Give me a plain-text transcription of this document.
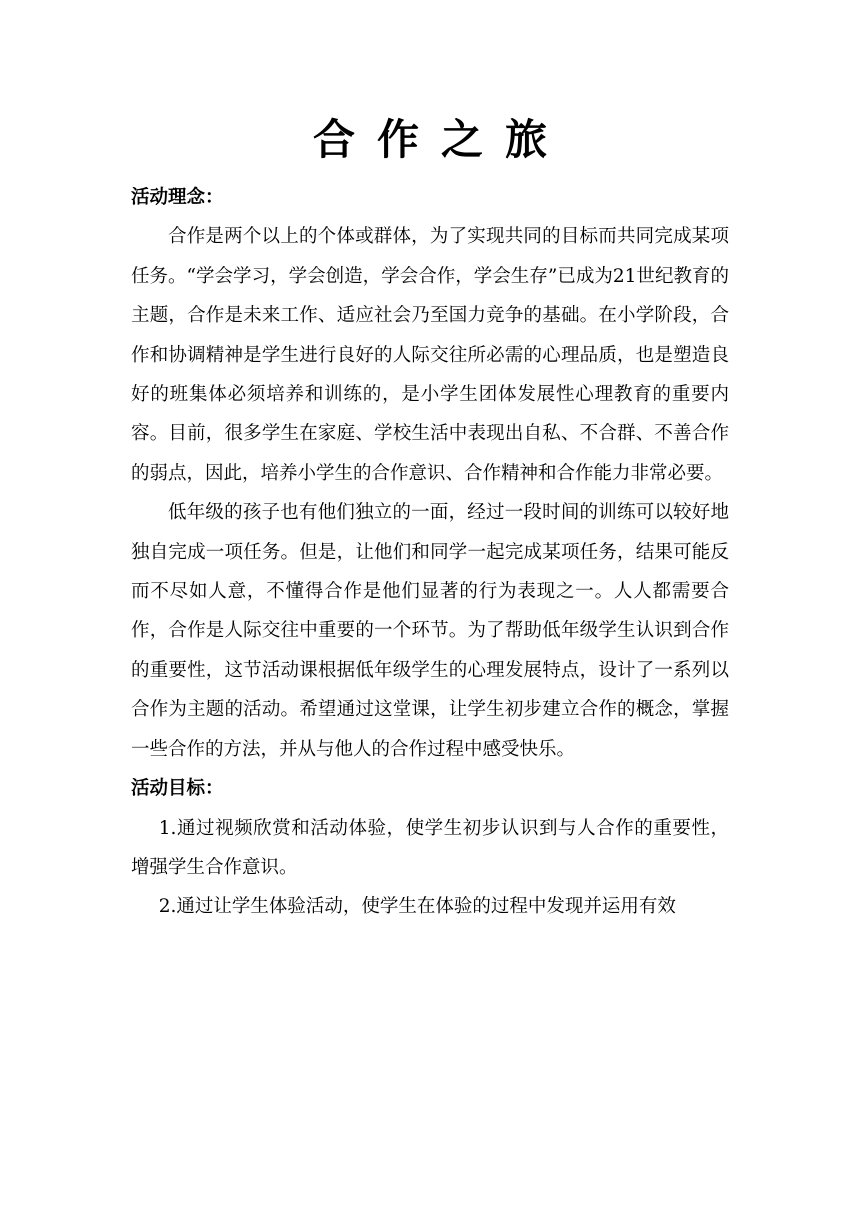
合作之旅

活动理念：

合作是两个以上的个体或群体，为了实现共同的目标而共同完成某项任务。“学会学习，学会创造，学会合作，学会生存”已成为21世纪教育的主题，合作是未来工作、适应社会乃至国力竞争的基础。在小学阶段，合作和协调精神是学生进行良好的人际交往所必需的心理品质，也是塑造良好的班集体必须培养和训练的，是小学生团体发展性心理教育的重要内容。目前，很多学生在家庭、学校生活中表现出自私、不合群、不善合作的弱点，因此，培养小学生的合作意识、合作精神和合作能力非常必要。

低年级的孩子也有他们独立的一面，经过一段时间的训练可以较好地独自完成一项任务。但是，让他们和同学一起完成某项任务，结果可能反而不尽如人意，不懂得合作是他们显著的行为表现之一。人人都需要合作，合作是人际交往中重要的一个环节。为了帮助低年级学生认识到合作的重要性，这节活动课根据低年级学生的心理发展特点，设计了一系列以合作为主题的活动。希望通过这堂课，让学生初步建立合作的概念，掌握一些合作的方法，并从与他人的合作过程中感受快乐。

活动目标：

1.通过视频欣赏和活动体验，使学生初步认识到与人合作的重要性，增强学生合作意识。

2.通过让学生体验活动，使学生在体验的过程中发现并运用有效
